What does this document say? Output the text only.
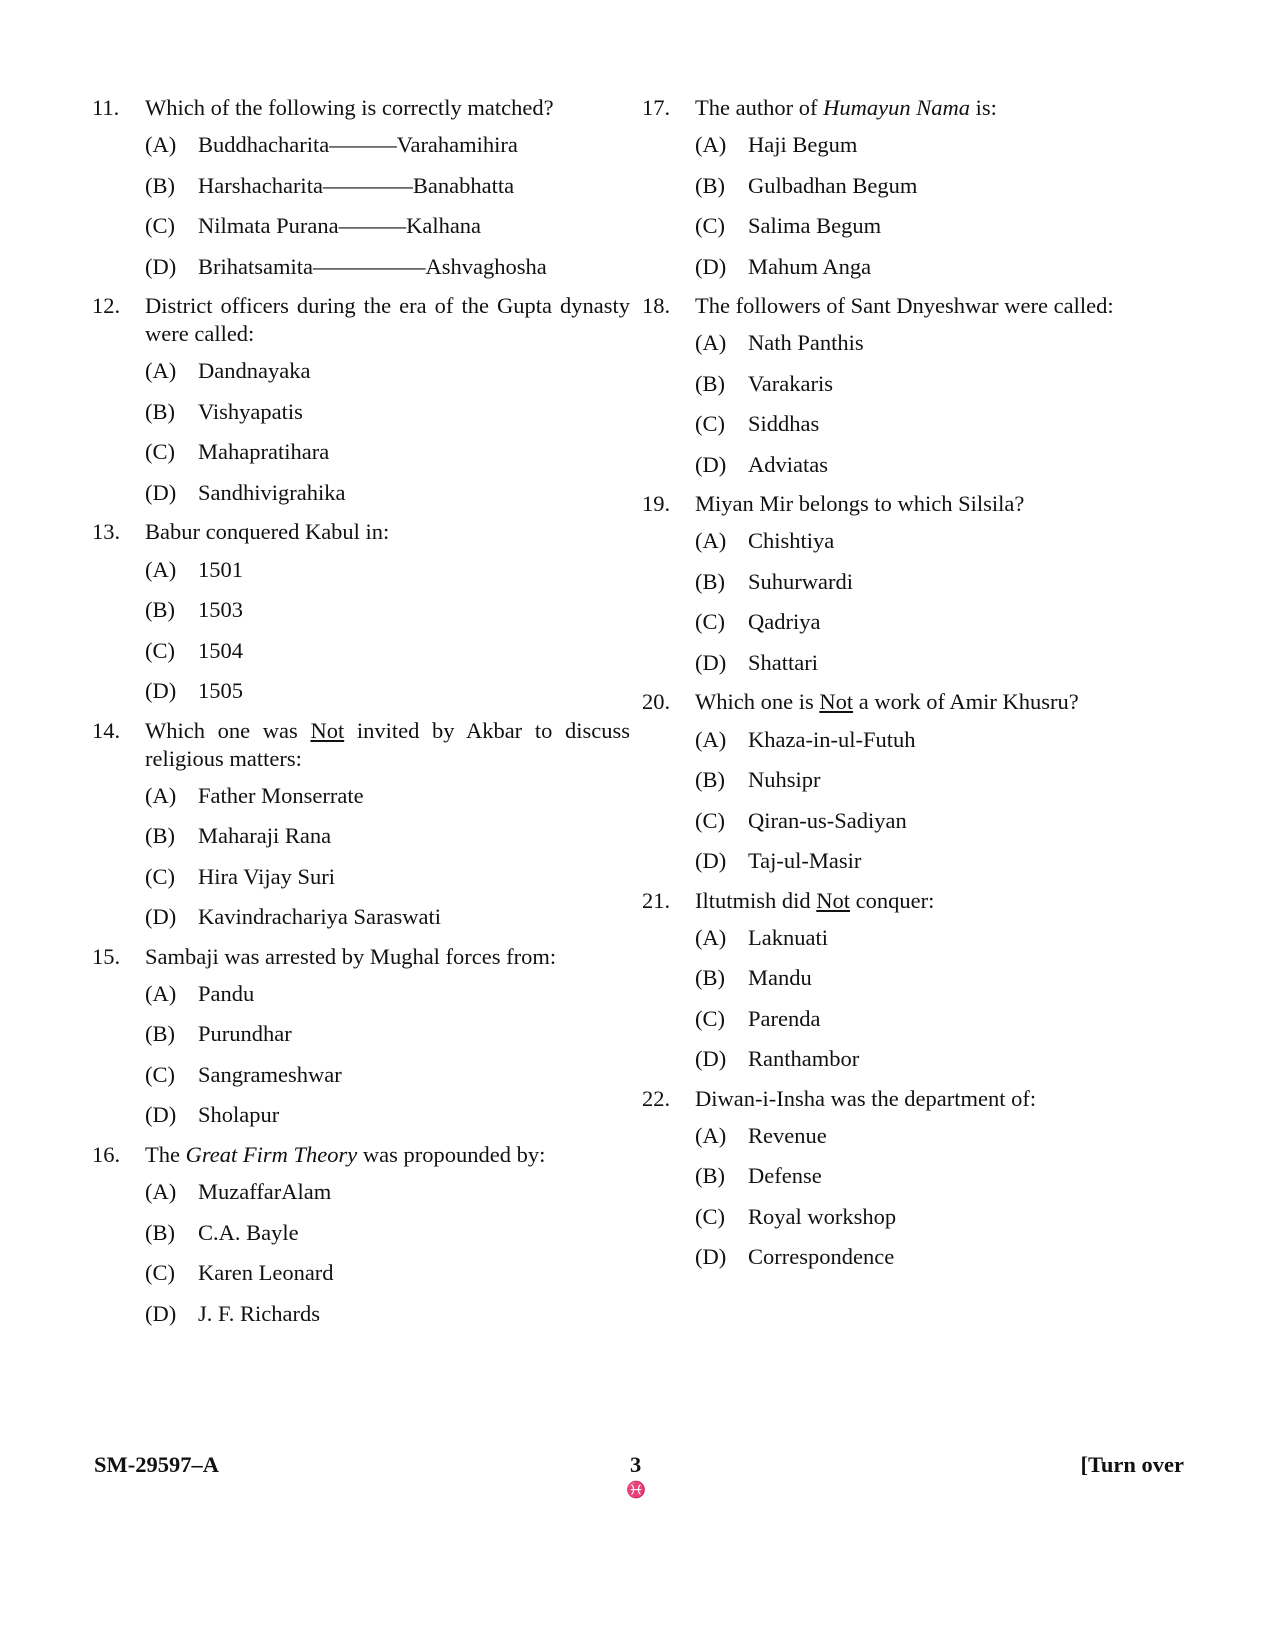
11. Which of the following is correctly matched?
(A) Buddhacharita———Varahamihira
(B) Harshacharita————Banabhatta
(C) Nilmata Purana———Kalhana
(D) Brihatsamita—————Ashvaghosha
12. District officers during the era of the Gupta dynasty were called:
(A) Dandnayaka
(B) Vishyapatis
(C) Mahapratihara
(D) Sandhivigrahika
13. Babur conquered Kabul in:
(A) 1501
(B) 1503
(C) 1504
(D) 1505
14. Which one was Not invited by Akbar to discuss religious matters:
(A) Father Monserrate
(B) Maharaji Rana
(C) Hira Vijay Suri
(D) Kavindrachariya Saraswati
15. Sambaji was arrested by Mughal forces from:
(A) Pandu
(B) Purundhar
(C) Sangrameshwar
(D) Sholapur
16. The Great Firm Theory was propounded by:
(A) MuzaffarAlam
(B) C.A. Bayle
(C) Karen Leonard
(D) J. F. Richards
17. The author of Humayun Nama is:
(A) Haji Begum
(B) Gulbadhan Begum
(C) Salima Begum
(D) Mahum Anga
18. The followers of Sant Dnyeshwar were called:
(A) Nath Panthis
(B) Varakaris
(C) Siddhas
(D) Adviatas
19. Miyan Mir belongs to which Silsila?
(A) Chishtiya
(B) Suhurwardi
(C) Qadriya
(D) Shattari
20. Which one is Not a work of Amir Khusru?
(A) Khaza-in-ul-Futuh
(B) Nuhsipr
(C) Qiran-us-Sadiyan
(D) Taj-ul-Masir
21. Iltutmish did Not conquer:
(A) Laknuati
(B) Mandu
(C) Parenda
(D) Ranthambor
22. Diwan-i-Insha was the department of:
(A) Revenue
(B) Defense
(C) Royal workshop
(D) Correspondence
SM-29597–A	3	[Turn over
♓
